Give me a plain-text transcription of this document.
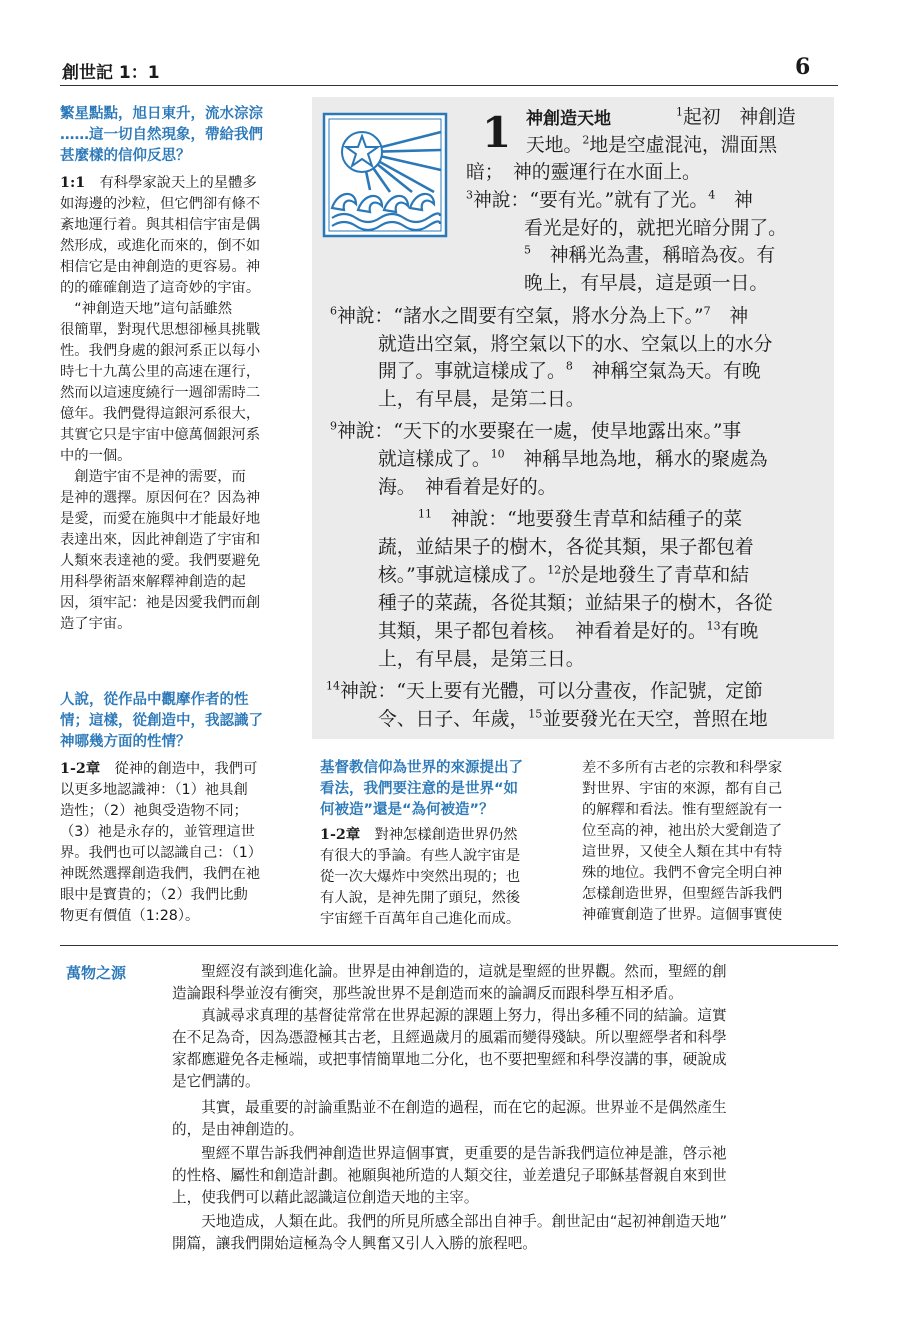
創世記 1：1	6
繁星點點，旭日東升，流水淙淙
……這一切自然現象，帶給我們
甚麼樣的信仰反思？
1:1　 有科學家說天上的星體多
如海邊的沙粒，但它們卻有條不
紊地運行着。與其相信宇宙是偶
然形成，或進化而來的，倒不如
相信它是由神創造的更容易。神
的的確確創造了這奇妙的宇宙。
　“神創造天地”這句話雖然
很簡單，對現代思想卻極具挑戰
性。我們身處的銀河系正以每小
時七十九萬公里的高速在運行，
然而以這速度繞行一週卻需時二
億年。我們覺得這銀河系很大，
其實它只是宇宙中億萬個銀河系
中的一個。
　創造宇宙不是神的需要，而
是神的選擇。原因何在？因為神
是愛，而愛在施與中才能最好地
表達出來，因此神創造了宇宙和
人類來表達祂的愛。我們要避免
用科學術語來解釋神創造的起
因，須牢記：祂是因愛我們而創
造了宇宙。
人說，從作品中觀摩作者的性
情；這樣，從創造中，我認識了
神哪幾方面的性情？
1-2章　 從神的創造中，我們可
以更多地認識神：（1）祂具創
造性；（2）祂與受造物不同；
（3）祂是永存的，並管理這世
界。我們也可以認識自己：（1）
神既然選擇創造我們，我們在祂
眼中是寶貴的；（2）我們比動
物更有價值（1:28）。
1 神創造天地	$^1$起初　神創造
天地。$^2$地是空虛混沌，淵面黑
暗；　神的靈運行在水面上。
$^3$神說：“要有光。”就有了光。$^4$　神
看光是好的，就把光暗分開了。
$^5$　神稱光為晝，稱暗為夜。有
晚上，有早晨，這是頭一日。
$^6$神說：“諸水之間要有空氣，將水分為上下。”$^7$　神
就造出空氣，將空氣以下的水、空氣以上的水分
開了。事就這樣成了。$^8$　神稱空氣為天。有晚
上，有早晨，是第二日。
$^9$神說：“天下的水要聚在一處，使旱地露出來。”事
就這樣成了。$^{10}$　神稱旱地為地，稱水的聚處為
海。　神看着是好的。
$^{11}$　神說：“地要發生青草和結種子的菜
蔬，並結果子的樹木，各從其類，果子都包着
核。”事就這樣成了。$^{12}$於是地發生了青草和結
種子的菜蔬，各從其類；並結果子的樹木，各從
其類，果子都包着核。　神看着是好的。$^{13}$有晚
上，有早晨，是第三日。
$^{14}$神說：“天上要有光體，可以分晝夜，作記號，定節
令、日子、年歲，$^{15}$並要發光在天空，普照在地
基督教信仰為世界的來源提出了
看法，我們要注意的是世界“如
何被造”還是“為何被造”？
1-2章　 對神怎樣創造世界仍然
有很大的爭論。有些人說宇宙是
從一次大爆炸中突然出現的；也
有人說，是神先開了頭兒，然後
宇宙經千百萬年自己進化而成。
差不多所有古老的宗教和科學家
對世界、宇宙的來源，都有自己
的解釋和看法。惟有聖經說有一
位至高的神，祂出於大愛創造了
這世界，又使全人類在其中有特
殊的地位。我們不會完全明白神
怎樣創造世界，但聖經告訴我們
神確實創造了世界。這個事實使
萬物之源	　　聖經沒有談到進化論。世界是由神創造的，這就是聖經的世界觀。然而，聖經的創
造論跟科學並沒有衝突，那些說世界不是創造而來的論調反而跟科學互相矛盾。
　　真誠尋求真理的基督徒常常在世界起源的課題上努力，得出多種不同的結論。這實
在不足為奇，因為憑證極其古老，且經過歲月的風霜而變得殘缺。所以聖經學者和科學
家都應避免各走極端，或把事情簡單地二分化，也不要把聖經和科學沒講的事，硬說成
是它們講的。
　　其實，最重要的討論重點並不在創造的過程，而在它的起源。世界並不是偶然產生
的，是由神創造的。
　　聖經不單告訴我們神創造世界這個事實，更重要的是告訴我們這位神是誰，啓示祂
的性格、屬性和創造計劃。祂願與祂所造的人類交往，並差遣兒子耶穌基督親自來到世
上，使我們可以藉此認識這位創造天地的主宰。
　　天地造成，人類在此。我們的所見所感全部出自神手。創世記由“起初神創造天地”
開篇，讓我們開始這極為令人興奮又引人入勝的旅程吧。
